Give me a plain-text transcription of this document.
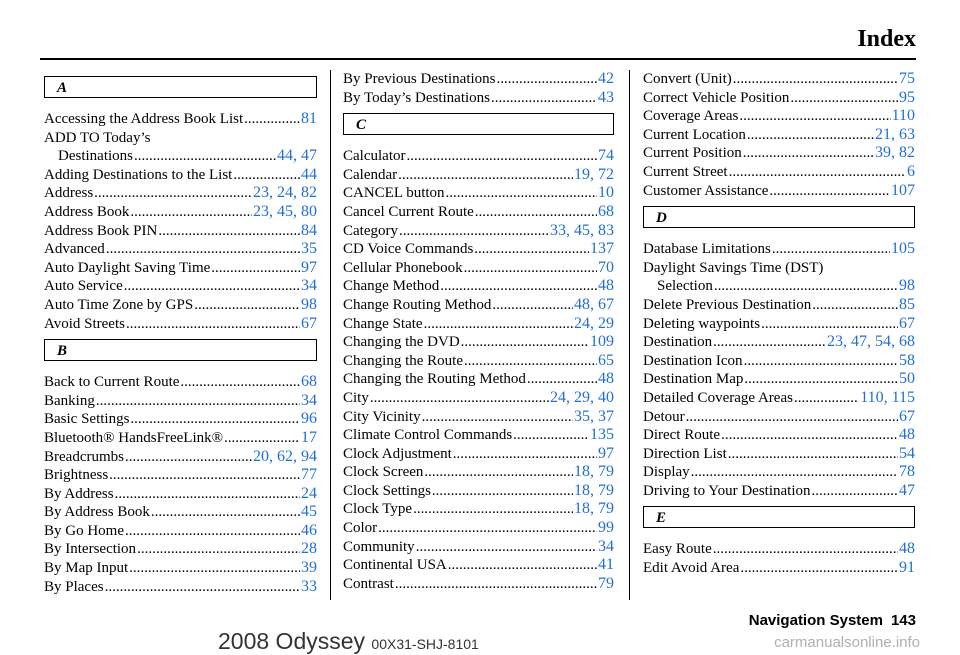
Index
A
Accessing the Address Book List .....	81
ADD TO Today’s
Destinations .....	44, 47
Adding Destinations to the List .....	44
Address .....	23, 24, 82
Address Book .....	23, 45, 80
Address Book PIN .....	84
Advanced .....	35
Auto Daylight Saving Time .....	97
Auto Service .....	34
Auto Time Zone by GPS .....	98
Avoid Streets .....	67
B
Back to Current Route .....	68
Banking .....	34
Basic Settings .....	96
Bluetooth® HandsFreeLink® .....	17
Breadcrumbs .....	20, 62, 94
Brightness .....	77
By Address .....	24
By Address Book .....	45
By Go Home .....	46
By Intersection .....	28
By Map Input .....	39
By Places .....	33
By Previous Destinations .....	42
By Today’s Destinations .....	43
C
Calculator .....	74
Calendar .....	19, 72
CANCEL button .....	10
Cancel Current Route .....	68
Category .....	33, 45, 83
CD Voice Commands .....	137
Cellular Phonebook .....	70
Change Method .....	48
Change Routing Method .....	48, 67
Change State .....	24, 29
Changing the DVD .....	109
Changing the Route .....	65
Changing the Routing Method .....	48
City .....	24, 29, 40
City Vicinity .....	35, 37
Climate Control Commands .....	135
Clock Adjustment .....	97
Clock Screen .....	18, 79
Clock Settings .....	18, 79
Clock Type .....	18, 79
Color .....	99
Community .....	34
Continental USA .....	41
Contrast .....	79
Convert (Unit) .....	75
Correct Vehicle Position .....	95
Coverage Areas .....	110
Current Location .....	21, 63
Current Position .....	39, 82
Current Street .....	6
Customer Assistance .....	107
D
Database Limitations .....	105
Daylight Savings Time (DST)
Selection .....	98
Delete Previous Destination .....	85
Deleting waypoints .....	67
Destination .....	23, 47, 54, 68
Destination Icon .....	58
Destination Map .....	50
Detailed Coverage Areas .....	110, 115
Detour .....	67
Direct Route .....	48
Direction List .....	54
Display .....	78
Driving to Your Destination .....	47
E
Easy Route .....	48
Edit Avoid Area .....	91
Navigation System 143
2008 Odyssey 00X31-SHJ-8101	carmanualsonline.info
